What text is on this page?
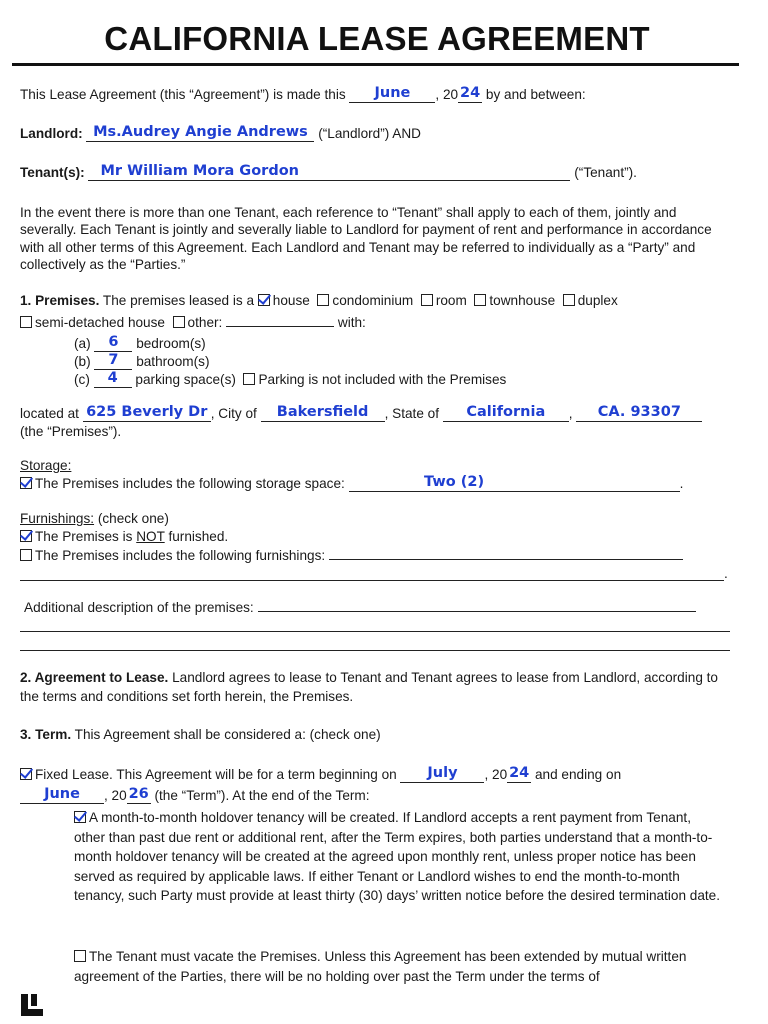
CALIFORNIA LEASE AGREEMENT
This Lease Agreement (this “Agreement”) is made this June , 20 24 by and between:
Landlord: Ms.Audrey Angie Andrews (“Landlord”) AND
Tenant(s): Mr William Mora Gordon	(“Tenant”).
In the event there is more than one Tenant, each reference to “Tenant” shall apply to each of them, jointly and severally. Each Tenant is jointly and severally liable to Landlord for payment of rent and performance in accordance with all other terms of this Agreement. Each Landlord and Tenant may be referred to individually as a “Party” and collectively as the “Parties.”
1. Premises. The premises leased is a house condominium room townhouse duplex
semi-detached house other:	with:
(a) 6 bedroom(s)
(b) 7 bathroom(s)
(c) 4 parking space(s) Parking is not included with the Premises
located at 625 Beverly Dr , City of Bakersfield , State of California , CA. 93307
(the “Premises”).
Storage:
The Premises includes the following storage space:	Two (2)	.
Furnishings: (check one)
The Premises is NOT furnished.
The Premises includes the following furnishings:
.
Additional description of the premises:
2. Agreement to Lease. Landlord agrees to lease to Tenant and Tenant agrees to lease from Landlord, according to the terms and conditions set forth herein, the Premises.
3. Term. This Agreement shall be considered a: (check one)
Fixed Lease. This Agreement will be for a term beginning on July , 20 24 and ending on
June , 20 26 (the “Term”). At the end of the Term:
A month-to-month holdover tenancy will be created. If Landlord accepts a rent payment from Tenant, other than past due rent or additional rent, after the Term expires, both parties understand that a month-to-month holdover tenancy will be created at the agreed upon monthly rent, unless proper notice has been served as required by applicable laws. If either Tenant or Landlord wishes to end the month-to-month tenancy, such Party must provide at least thirty (30) days’ written notice before the desired termination date.
The Tenant must vacate the Premises. Unless this Agreement has been extended by mutual written agreement of the Parties, there will be no holding over past the Term under the terms of
